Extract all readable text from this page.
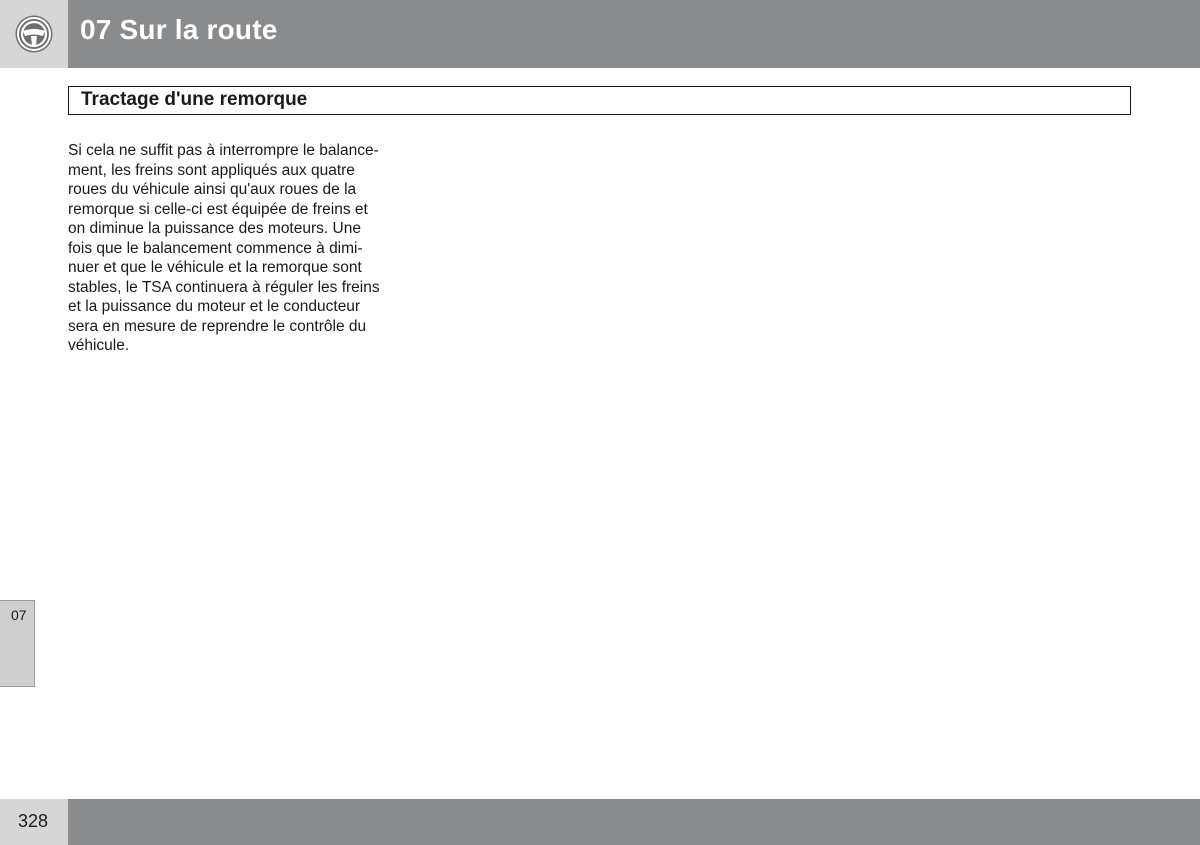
07 Sur la route
Tractage d'une remorque
Si cela ne suffit pas à interrompre le balance-
ment, les freins sont appliqués aux quatre
roues du véhicule ainsi qu'aux roues de la
remorque si celle-ci est équipée de freins et
on diminue la puissance des moteurs. Une
fois que le balancement commence à dimi-
nuer et que le véhicule et la remorque sont
stables, le TSA continuera à réguler les freins
et la puissance du moteur et le conducteur
sera en mesure de reprendre le contrôle du
véhicule.
07
328
